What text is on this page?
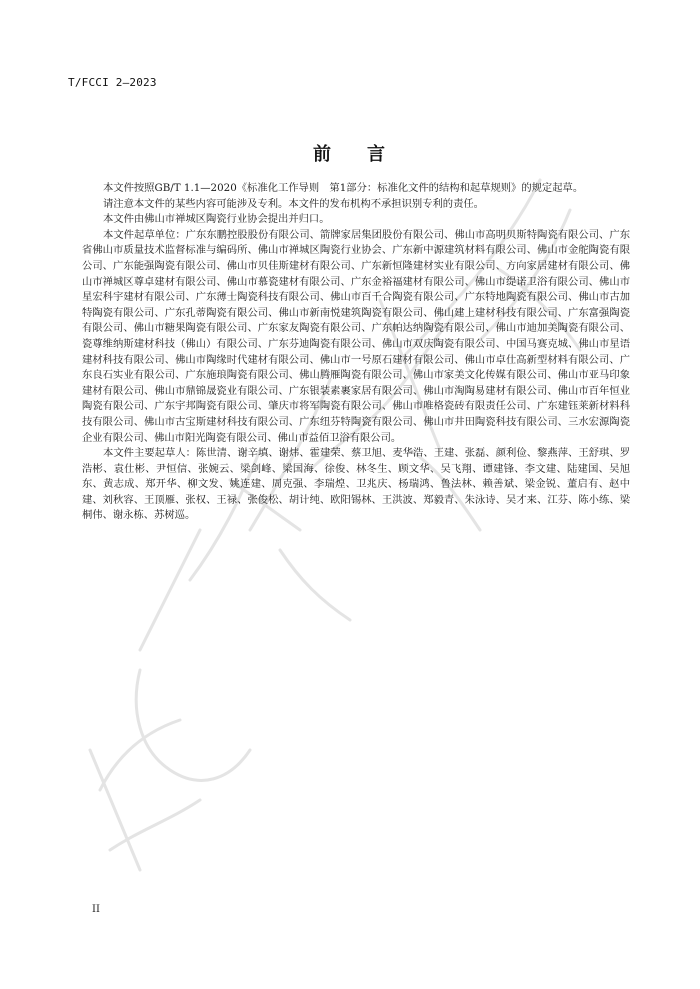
T/FCCI 2—2023
前 言

本文件按照GB/T 1.1—2020《标准化工作导则　第1部分：标准化文件的结构和起草规则》的规定起草。

请注意本文件的某些内容可能涉及专利。本文件的发布机构不承担识别专利的责任。

本文件由佛山市禅城区陶瓷行业协会提出并归口。

本文件起草单位：广东东鹏控股股份有限公司、箭牌家居集团股份有限公司、佛山市高明贝斯特陶瓷有限公司、广东省佛山市质量技术监督标准与编码所、佛山市禅城区陶瓷行业协会、广东新中源建筑材料有限公司、佛山市金舵陶瓷有限公司、广东能强陶瓷有限公司、佛山市贝佳斯建材有限公司、广东新恒隆建材实业有限公司、方向家居建材有限公司、佛山市禅城区尊卓建材有限公司、佛山市慕瓷建材有限公司、广东金裕福建材有限公司、佛山市缇诺卫浴有限公司、佛山市星宏科宇建材有限公司、广东薄士陶瓷科技有限公司、佛山市百千合陶瓷有限公司、广东特地陶瓷有限公司、佛山市古加特陶瓷有限公司、广东孔蒂陶瓷有限公司、佛山市新南悦建筑陶瓷有限公司、佛山建上建材科技有限公司、广东富强陶瓷有限公司、佛山市糖果陶瓷有限公司、广东家友陶瓷有限公司、广东帕达纳陶瓷有限公司、佛山市迪加美陶瓷有限公司、瓷尊维纳斯建材科技（佛山）有限公司、广东芬迪陶瓷有限公司、佛山市双庆陶瓷有限公司、中国马赛克城、佛山市星语建材科技有限公司、佛山市陶缘时代建材有限公司、佛山市一号原石建材有限公司、佛山市卓仕高新型材料有限公司、广东良石实业有限公司、广东施琅陶瓷有限公司、佛山腾雁陶瓷有限公司、佛山市家美文化传媒有限公司、佛山市亚马印象建材有限公司、佛山市鼎锦晟瓷业有限公司、广东银装素裹家居有限公司、佛山市淘陶易建材有限公司、佛山市百年恒业陶瓷有限公司、广东宇邦陶瓷有限公司、肇庆市将军陶瓷有限公司、佛山市唯格瓷砖有限责任公司、广东建钰莱新材料科技有限公司、佛山市古宝斯建材科技有限公司、广东纽芬特陶瓷有限公司、佛山市井田陶瓷科技有限公司、三水宏源陶瓷企业有限公司、佛山市阳光陶瓷有限公司、佛山市益佰卫浴有限公司。

本文件主要起草人：陈世清、谢辛填、谢炜、霍建荣、蔡卫旭、麦华浩、王建、张磊、颜利俭、黎燕萍、王舒琪、罗浩彬、袁仕彬、尹恒信、张婉云、梁剑峰、梁国海、徐俊、林冬生、顾文华、吴飞翔、谭建锋、李文建、陆建国、吴旭东、黄志成、郑开华、柳文发、姚连建、周克强、李瑞煌、卫兆庆、杨瑞鸿、鲁法林、赖善斌、梁金锐、董启有、赵中建、刘秋容、王顶雁、张权、王禄、张俊松、胡计纯、欧阳锡林、王洪波、郑毅青、朱泳诗、吴才来、江芬、陈小练、梁桐伟、谢永栋、苏树巡。

II
